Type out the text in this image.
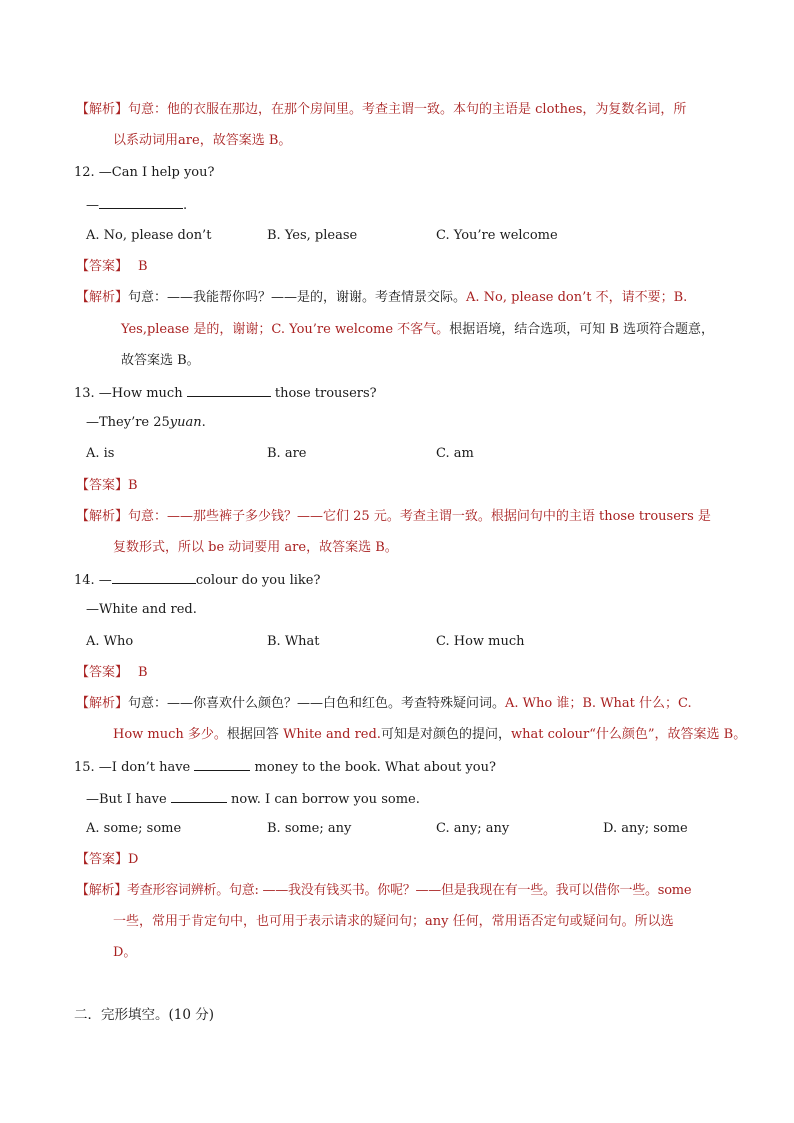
【解析】句意：他的衣服在那边，在那个房间里。考查主谓一致。本句的主语是 clothes，为复数名词，所
以系动词用are，故答案选 B。
12. —Can I help you?
—	.
A. No, please don’t	B. Yes, please	C. You’re welcome
【答案】 B
【解析】句意：——我能帮你吗？——是的，谢谢。考查情景交际。A. No, please don’t 不，请不要；B.
Yes,please 是的，谢谢；C. You’re welcome 不客气。根据语境，结合选项，可知 B 选项符合题意，
故答案选 B。
13. —How much	those trousers?
—They’re 25yuan.
A. is	B. are	C. am
【答案】B
【解析】句意：——那些裤子多少钱？——它们 25 元。考查主谓一致。根据问句中的主语 those trousers 是
复数形式，所以 be 动词要用 are，故答案选 B。
14. —	colour do you like?
—White and red.
A. Who	B. What	C. How much
【答案】 B
【解析】句意：——你喜欢什么颜色？——白色和红色。考查特殊疑问词。A. Who 谁；B. What 什么；C.
How much 多少。根据回答 White and red.可知是对颜色的提问，what colour“什么颜色”，故答案选 B。
15. —I don’t have	money to the book. What about you?
—But I have	now. I can borrow you some.
A. some; some	B. some; any	C. any; any	D. any; some
【答案】D
【解析】考查形容词辨析。句意: ——我没有钱买书。你呢？——但是我现在有一些。我可以借你一些。some
一些，常用于肯定句中，也可用于表示请求的疑问句；any 任何，常用语否定句或疑问句。所以选
D。
二．完形填空。(10 分)
